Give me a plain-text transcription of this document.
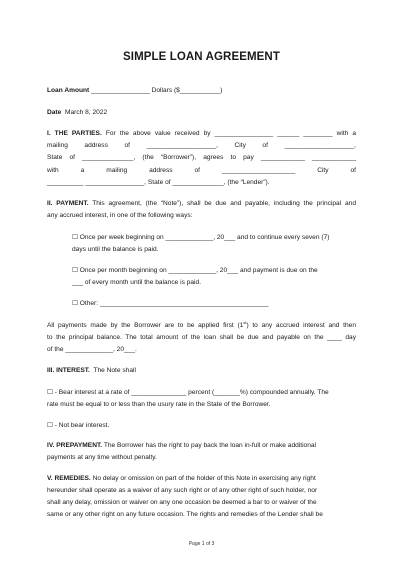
SIMPLE LOAN AGREEMENT
Loan Amount ________________ Dollars ($___________)
Date March 8, 2022
I. THE PARTIES. For the above value received by ________________ ______ ________ with a
mailing address of ___________________, City of ___________________,
State of ______________, (the “Borrower”), agrees to pay ____________ ____________
with a mailing address of ____________________ City of
__________ ________________, State of ______________, (the “Lender”).
II. PAYMENT. This agreement, (the “Note”), shall be due and payable, including the principal and
any accrued interest, in one of the following ways:
☐ Once per week beginning on _____________, 20___ and to continue every seven (7)
days until the balance is paid.
☐ Once per month beginning on _____________, 20___ and payment is due on the
___ of every month until the balance is paid.
☐ Other: ______________________________________________
All payments made by the Borrower are to be applied first (1st) to any accrued interest and then
to the principal balance. The total amount of the loan shall be due and payable on the ____ day
of the _____________, 20___.
III. INTEREST. The Note shall
☐ - Bear interest at a rate of _______________ percent (_______%) compounded annually. The
rate must be equal to or less than the usury rate in the State of the Borrower.
☐ - Not bear interest.
IV. PREPAYMENT. The Borrower has the right to pay back the loan in-full or make additional
payments at any time without penalty.
V. REMEDIES. No delay or omission on part of the holder of this Note in exercising any right
hereunder shall operate as a waiver of any such right or of any other right of such holder, nor
shall any delay, omission or waiver on any one occasion be deemed a bar to or waiver of the
same or any other right on any future occasion. The rights and remedies of the Lender shall be
Page 1 of 3
